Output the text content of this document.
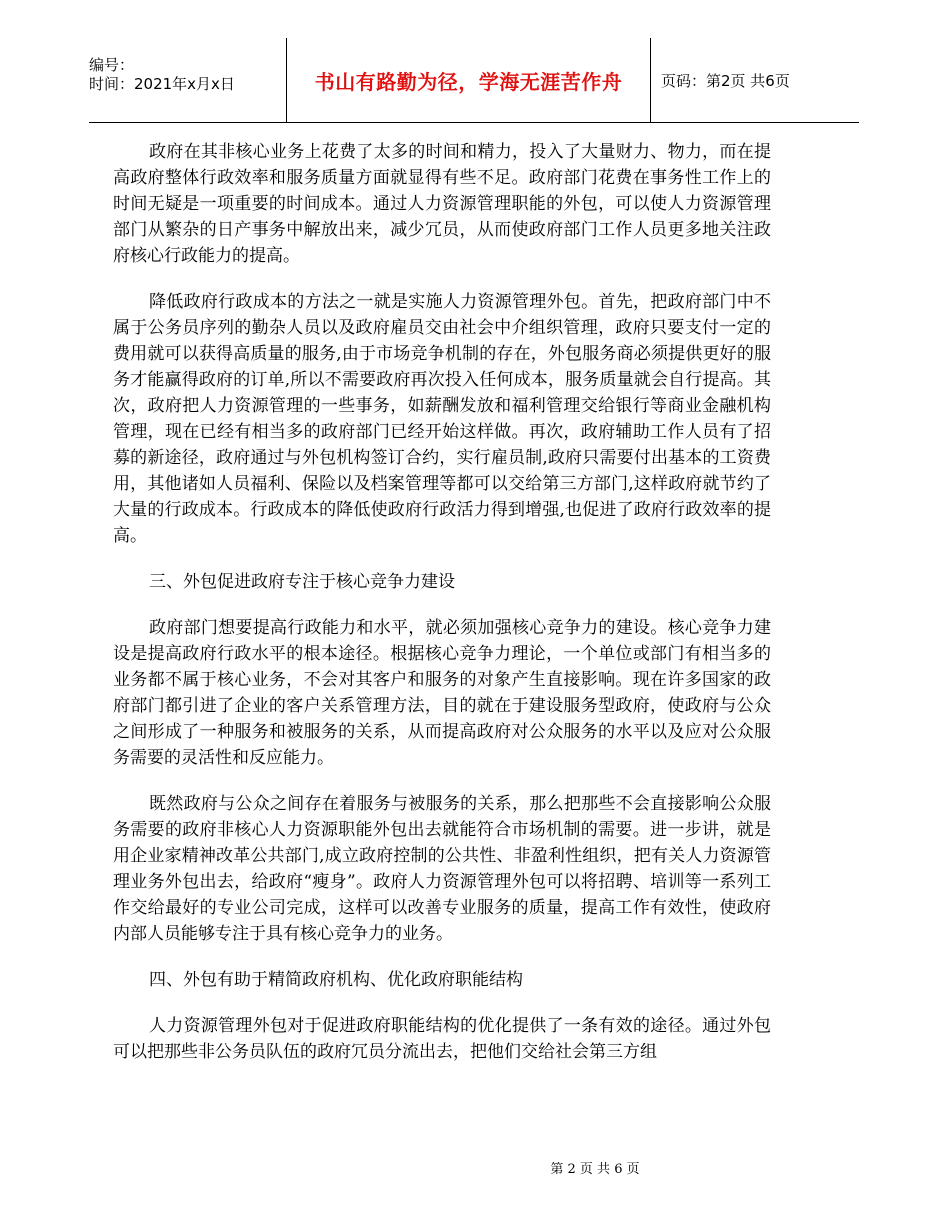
编号：
时间：2021年x月x日	书山有路勤为径，学海无涯苦作舟	页码：第2页 共6页

政府在其非核心业务上花费了太多的时间和精力，投入了大量财力、物力，而在提高政府整体行政效率和服务质量方面就显得有些不足。政府部门花费在事务性工作上的时间无疑是一项重要的时间成本。通过人力资源管理职能的外包，可以使人力资源管理部门从繁杂的日产事务中解放出来，减少冗员，从而使政府部门工作人员更多地关注政府核心行政能力的提高。

降低政府行政成本的方法之一就是实施人力资源管理外包。首先，把政府部门中不属于公务员序列的勤杂人员以及政府雇员交由社会中介组织管理，政府只要支付一定的费用就可以获得高质量的服务,由于市场竞争机制的存在，外包服务商必须提供更好的服务才能赢得政府的订单,所以不需要政府再次投入任何成本，服务质量就会自行提高。其次，政府把人力资源管理的一些事务，如薪酬发放和福利管理交给银行等商业金融机构管理，现在已经有相当多的政府部门已经开始这样做。再次，政府辅助工作人员有了招募的新途径，政府通过与外包机构签订合约，实行雇员制,政府只需要付出基本的工资费用，其他诸如人员福利、保险以及档案管理等都可以交给第三方部门,这样政府就节约了大量的行政成本。行政成本的降低使政府行政活力得到增强,也促进了政府行政效率的提高。

三、外包促进政府专注于核心竞争力建设

政府部门想要提高行政能力和水平，就必须加强核心竞争力的建设。核心竞争力建设是提高政府行政水平的根本途径。根据核心竞争力理论，一个单位或部门有相当多的业务都不属于核心业务，不会对其客户和服务的对象产生直接影响。现在许多国家的政府部门都引进了企业的客户关系管理方法，目的就在于建设服务型政府，使政府与公众之间形成了一种服务和被服务的关系，从而提高政府对公众服务的水平以及应对公众服务需要的灵活性和反应能力。

既然政府与公众之间存在着服务与被服务的关系，那么把那些不会直接影响公众服务需要的政府非核心人力资源职能外包出去就能符合市场机制的需要。进一步讲，就是用企业家精神改革公共部门,成立政府控制的公共性、非盈利性组织，把有关人力资源管理业务外包出去，给政府“瘦身”。政府人力资源管理外包可以将招聘、培训等一系列工作交给最好的专业公司完成，这样可以改善专业服务的质量，提高工作有效性，使政府内部人员能够专注于具有核心竞争力的业务。

四、外包有助于精简政府机构、优化政府职能结构

人力资源管理外包对于促进政府职能结构的优化提供了一条有效的途径。通过外包可以把那些非公务员队伍的政府冗员分流出去，把他们交给社会第三方组

第 2 页 共 6 页
